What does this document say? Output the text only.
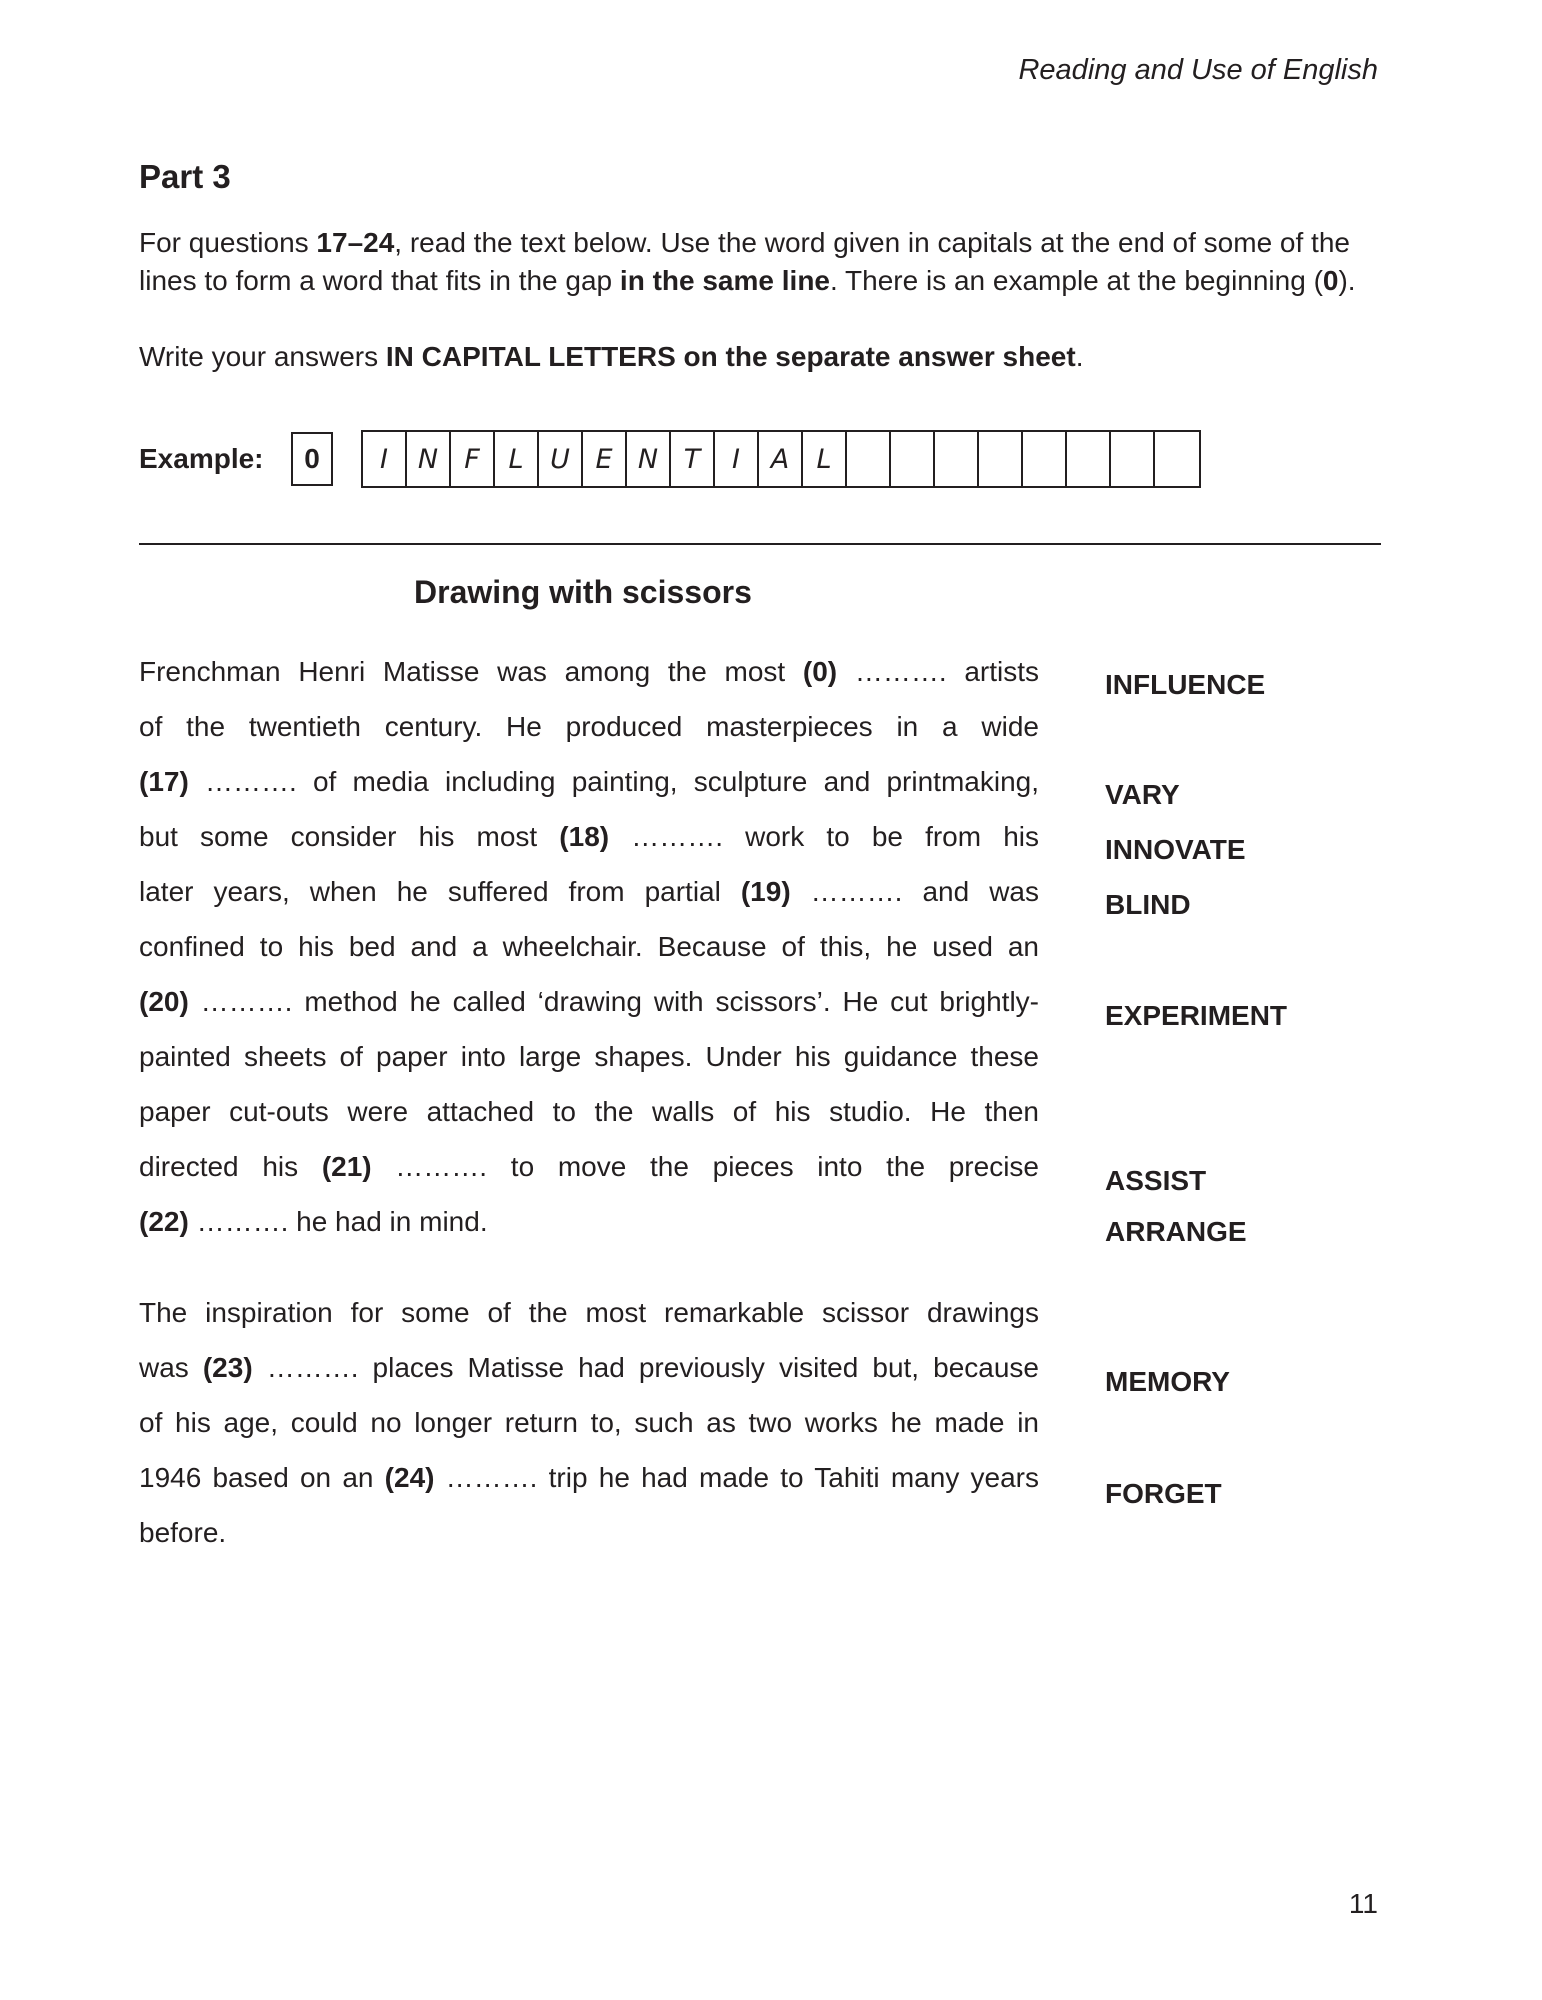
Reading and Use of English
Part 3

For questions 17–24, read the text below. Use the word given in capitals at the end of some of the lines to form a word that fits in the gap in the same line. There is an example at the beginning (0).

Write your answers IN CAPITAL LETTERS on the separate answer sheet.

Example:	0	I	N F	L U E N T	I	A	L
Drawing with scissors
Frenchman Henri Matisse was among the most (0) ………. artists
of the twentieth century. He produced masterpieces in a wide
(17) ………. of media including painting, sculpture and printmaking,
but some consider his most (18) ………. work to be from his
later years, when he suffered from partial (19) ………. and was
confined to his bed and a wheelchair. Because of this, he used an
(20) ………. method he called ‘drawing with scissors’. He cut brightly-
painted sheets of paper into large shapes. Under his guidance these
paper cut-outs were attached to the walls of his studio. He then
directed his (21) ………. to move the pieces into the precise
(22) ………. he had in mind.
The inspiration for some of the most remarkable scissor drawings
was (23) ………. places Matisse had previously visited but, because
of his age, could no longer return to, such as two works he made in
1946 based on an (24) ………. trip he had made to Tahiti many years
before.
INFLUENCE
VARY
INNOVATE
BLIND
EXPERIMENT
ASSIST
ARRANGE
MEMORY
FORGET
11
